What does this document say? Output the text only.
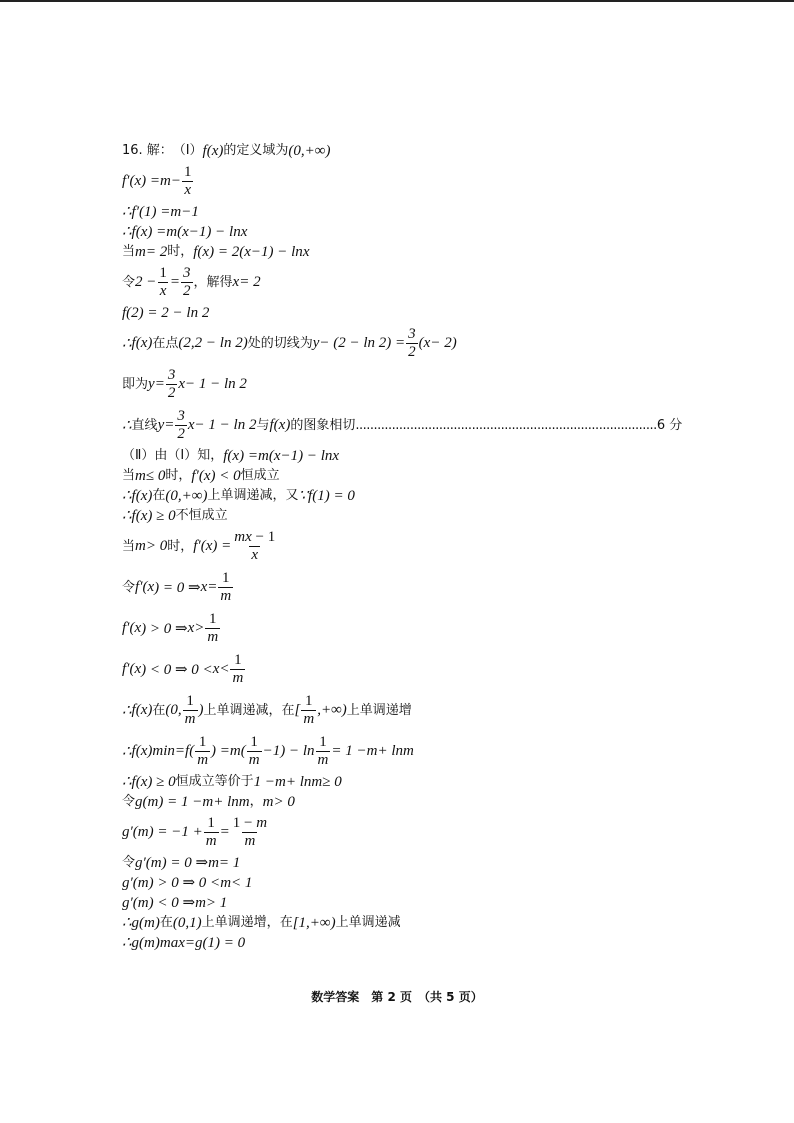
16. 解： （Ⅰ） f ( x ) 的定义域为 (0,+∞)
f ′( x ) = $m - \frac{1}{x}$
∴ f ′(1) = m −1
∴ f ( x ) = m ( x −1) − ln x
当 m = 2 时， f ( x ) = 2( x −1) − ln x
令 $2 - \frac{1}{x} = \frac{3}{2}$ ，解得 x = 2
f (2) = 2 − ln 2
∴ f ( x ) 在点 (2,2 − ln 2) 处的切线为 $y - (2 - \ln 2) = \frac{3}{2}$ ( x − 2)
即为 $y = \frac{3}{2}$ x − 1 − ln 2
∴ 直线 $y = \frac{3}{2}$ x − 1 − ln 2 与 f ( x ) 的图象相切 ................................................................................... 6 分
（Ⅱ） 由（Ⅰ）知， f ( x ) = m ( x −1) − ln x
当 m ≤ 0 时， f ′( x ) < 0 恒成立
∴ f ( x ) 在 (0,+∞) 上单调递减， 又 ∵ f (1) = 0
∴ f ( x ) ≥ 0 不恒成立
当 m > 0 时， f ′( x ) = $\frac{mx - 1}{x}$
令 f ′( x ) = 0 ⇒ $x = \frac{1}{m}$
f ′( x ) > 0 ⇒ $x > \frac{1}{m}$
f ′( x ) < 0 ⇒ $0 < x < \frac{1}{m}$
∴ f ( x ) 在 (0, $\frac{1}{m}$ ) 上单调递减， 在 [ $\frac{1}{m}$ ,+∞) 上单调递增
∴ f ( x ) min = f ( $\frac{1}{m}$ ) = m ( $\frac{1}{m} -1) - \ln \frac{1}{m} = 1 - m + \ln m$
∴ f ( x ) ≥ 0 恒成立等价于 1 − m + ln m ≥ 0
令 g ( m ) = 1 − m + ln m ， m > 0
g ′( m ) = $-1 + \frac{1}{m} = \frac{1 - m}{m}$
令 g ′( m ) = 0 ⇒ m = 1
g ′( m ) > 0 ⇒ 0 < m < 1
g ′( m ) < 0 ⇒ m > 1
∴ g ( m ) 在 (0,1) 上单调递增 ， 在 [1,+∞) 上单调递减
∴ g ( m ) max = g (1) = 0
数学答案　第 2 页　（共 5 页）
